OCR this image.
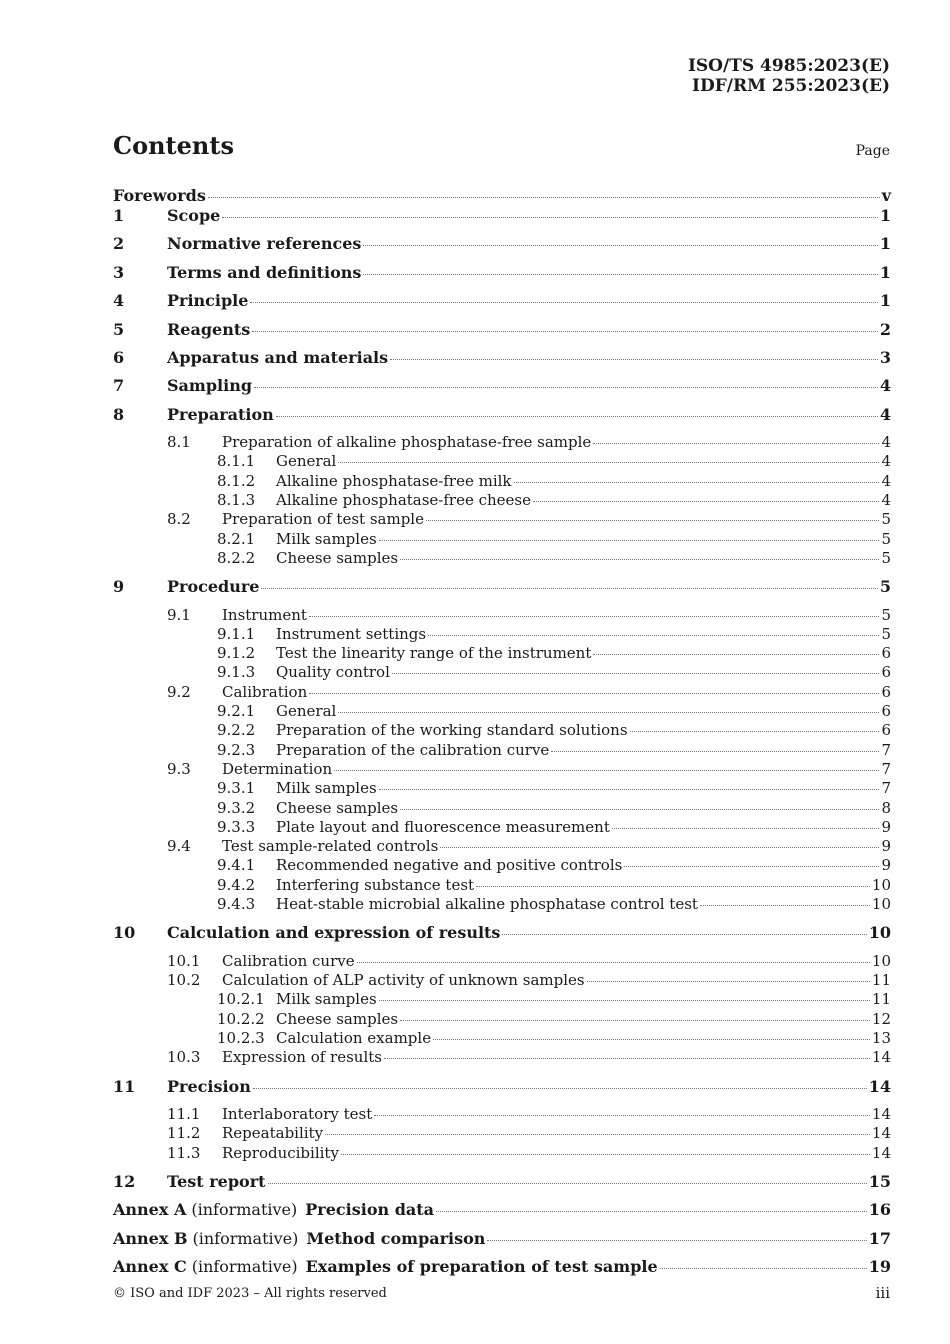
ISO/TS 4985:2023(E)
IDF/RM 255:2023(E)
Contents	Page
Forewords	v
1	Scope	1
2	Normative references	1
3	Terms and definitions	1
4	Principle	1
5	Reagents	2
6	Apparatus and materials	3
7	Sampling	4
8	Preparation	4
8.1	Preparation of alkaline phosphatase-free sample	4
8.1.1	General	4
8.1.2	Alkaline phosphatase-free milk	4
8.1.3	Alkaline phosphatase-free cheese	4
8.2	Preparation of test sample	5
8.2.1	Milk samples	5
8.2.2	Cheese samples	5
9	Procedure	5
9.1	Instrument	5
9.1.1	Instrument settings	5
9.1.2	Test the linearity range of the instrument	6
9.1.3	Quality control	6
9.2	Calibration	6
9.2.1	General	6
9.2.2	Preparation of the working standard solutions	6
9.2.3	Preparation of the calibration curve	7
9.3	Determination	7
9.3.1	Milk samples	7
9.3.2	Cheese samples	8
9.3.3	Plate layout and fluorescence measurement	9
9.4	Test sample-related controls	9
9.4.1	Recommended negative and positive controls	9
9.4.2	Interfering substance test	10
9.4.3	Heat-stable microbial alkaline phosphatase control test	10
10	Calculation and expression of results	10
10.1	Calibration curve	10
10.2	Calculation of ALP activity of unknown samples	11
10.2.1 Milk samples	11
10.2.2 Cheese samples	12
10.2.3 Calculation example	13
10.3	Expression of results	14
11	Precision	14
11.1	Interlaboratory test	14
11.2	Repeatability	14
11.3	Reproducibility	14
12	Test report	15
Annex A (informative) Precision data	16
Annex B (informative) Method comparison	17
Annex C (informative) Examples of preparation of test sample	19
© ISO and IDF 2023 – All rights reserved	iii
